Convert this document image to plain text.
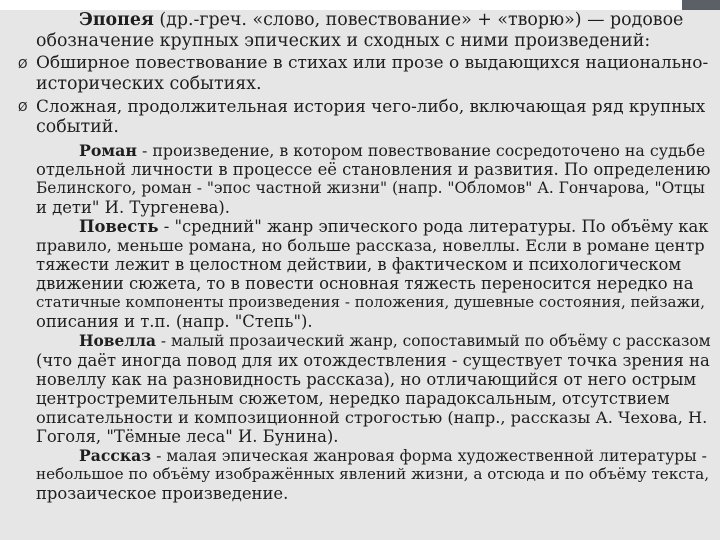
Эпопея (др.-греч. «слово, повествование» + «творю») — родовое
обозначение крупных эпических и сходных с ними произведений:
Ø Обширное повествование в стихах или прозе о выдающихся национально-
исторических событиях.
Ø Сложная, продолжительная история чего-либо, включающая ряд крупных
событий.
Роман - произведение, в котором повествование сосредоточено на судьбе
отдельной личности в процессе её становления и развития. По определению
Белинского, роман - "эпос частной жизни" (напр. "Обломов" А. Гончарова, "Отцы
и дети" И. Тургенева).
Повесть - "средний" жанр эпического рода литературы. По объёму как
правило, меньше романа, но больше рассказа, новеллы. Если в романе центр
тяжести лежит в целостном действии, в фактическом и психологическом
движении сюжета, то в повести основная тяжесть переносится нередко на
статичные компоненты произведения - положения, душевные состояния, пейзажи,
описания и т.п. (напр. "Степь").
Новелла - малый прозаический жанр, сопоставимый по объёму с рассказом
(что даёт иногда повод для их отождествления - существует точка зрения на
новеллу как на разновидность рассказа), но отличающийся от него острым
центростремительным сюжетом, нередко парадоксальным, отсутствием
описательности и композиционной строгостью (напр., рассказы А. Чехова, Н.
Гоголя, "Тёмные леса" И. Бунина).
Рассказ - малая эпическая жанровая форма художественной литературы -
небольшое по объёму изображённых явлений жизни, а отсюда и по объёму текста,
прозаическое произведение.
